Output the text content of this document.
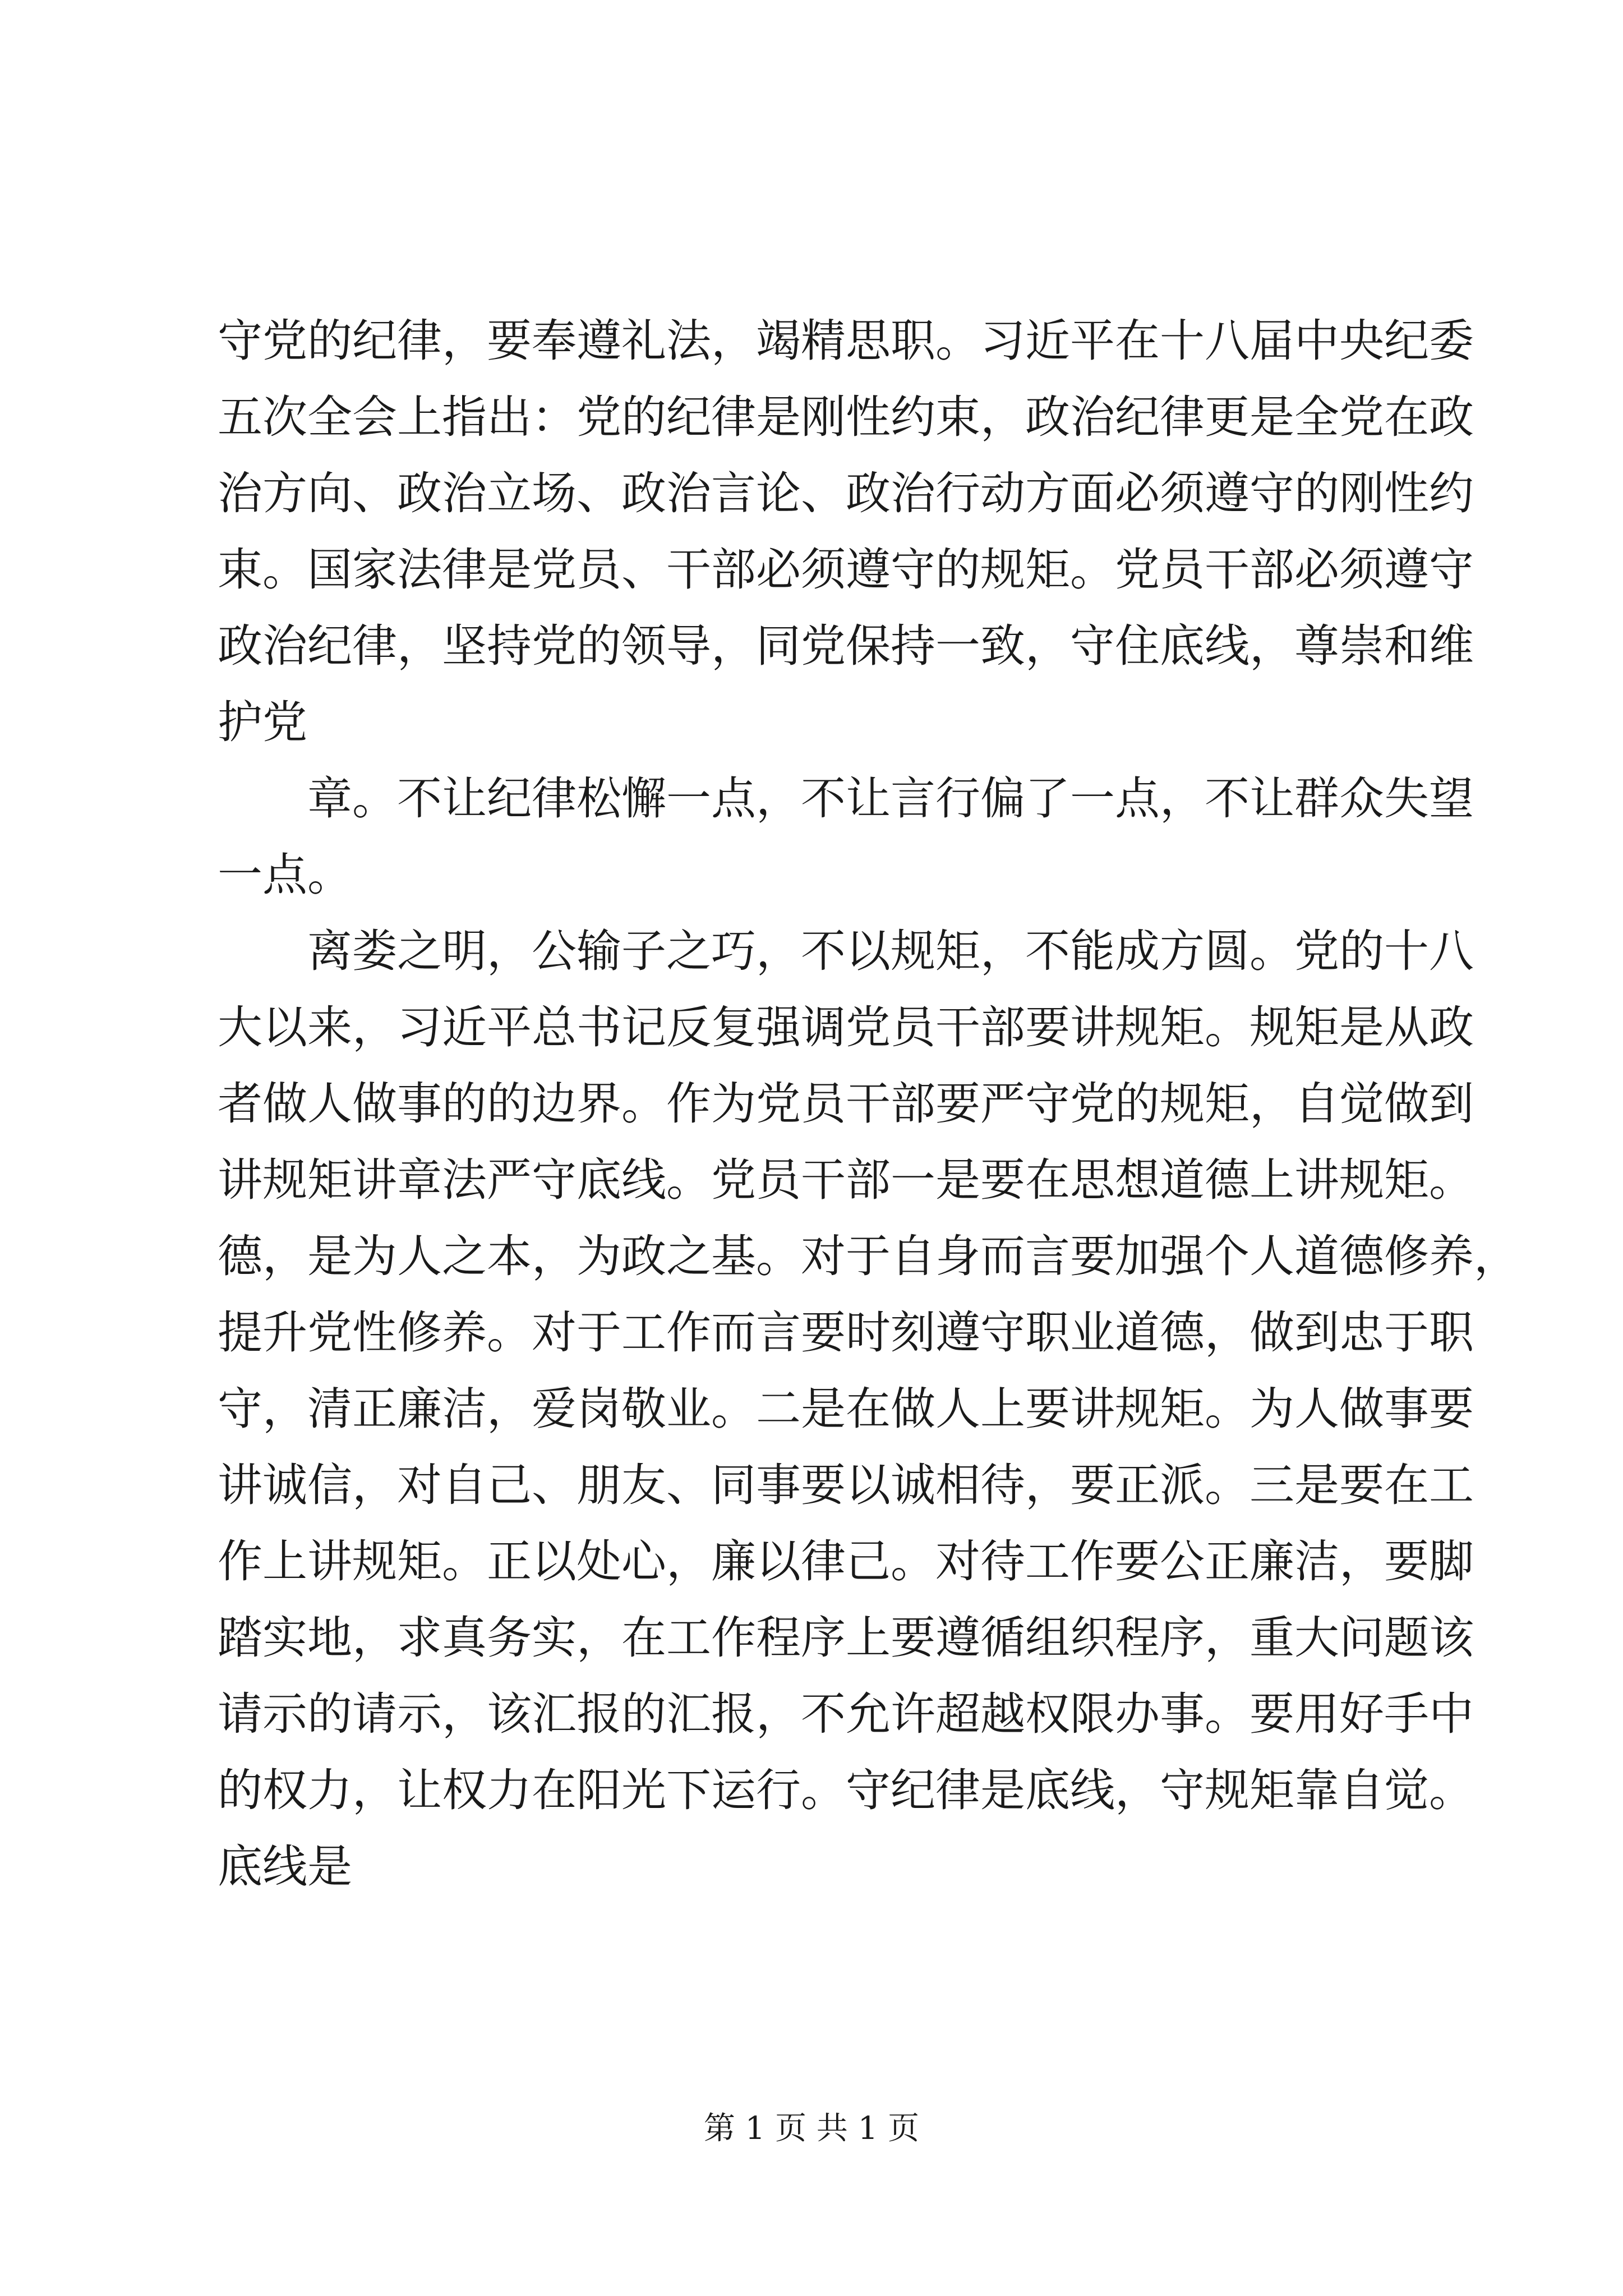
守党的纪律，要奉遵礼法，竭精思职。习近平在十八届中央纪委
五次全会上指出：党的纪律是刚性约束，政治纪律更是全党在政
治方向、政治立场、政治言论、政治行动方面必须遵守的刚性约
束。国家法律是党员、干部必须遵守的规矩。党员干部必须遵守
政治纪律，坚持党的领导，同党保持一致，守住底线，尊崇和维
护党
　　章。不让纪律松懈一点，不让言行偏了一点，不让群众失望
一点。
　　离娄之明，公输子之巧，不以规矩，不能成方圆。党的十八
大以来，习近平总书记反复强调党员干部要讲规矩。规矩是从政
者做人做事的的边界。作为党员干部要严守党的规矩，自觉做到
讲规矩讲章法严守底线。党员干部一是要在思想道德上讲规矩。
德，是为人之本，为政之基。对于自身而言要加强个人道德修养，
提升党性修养。对于工作而言要时刻遵守职业道德，做到忠于职
守，清正廉洁，爱岗敬业。二是在做人上要讲规矩。为人做事要
讲诚信，对自己、朋友、同事要以诚相待，要正派。三是要在工
作上讲规矩。正以处心，廉以律己。对待工作要公正廉洁，要脚
踏实地，求真务实，在工作程序上要遵循组织程序，重大问题该
请示的请示，该汇报的汇报，不允许超越权限办事。要用好手中
的权力，让权力在阳光下运行。守纪律是底线，守规矩靠自觉。
底线是
第 1 页 共 1 页
